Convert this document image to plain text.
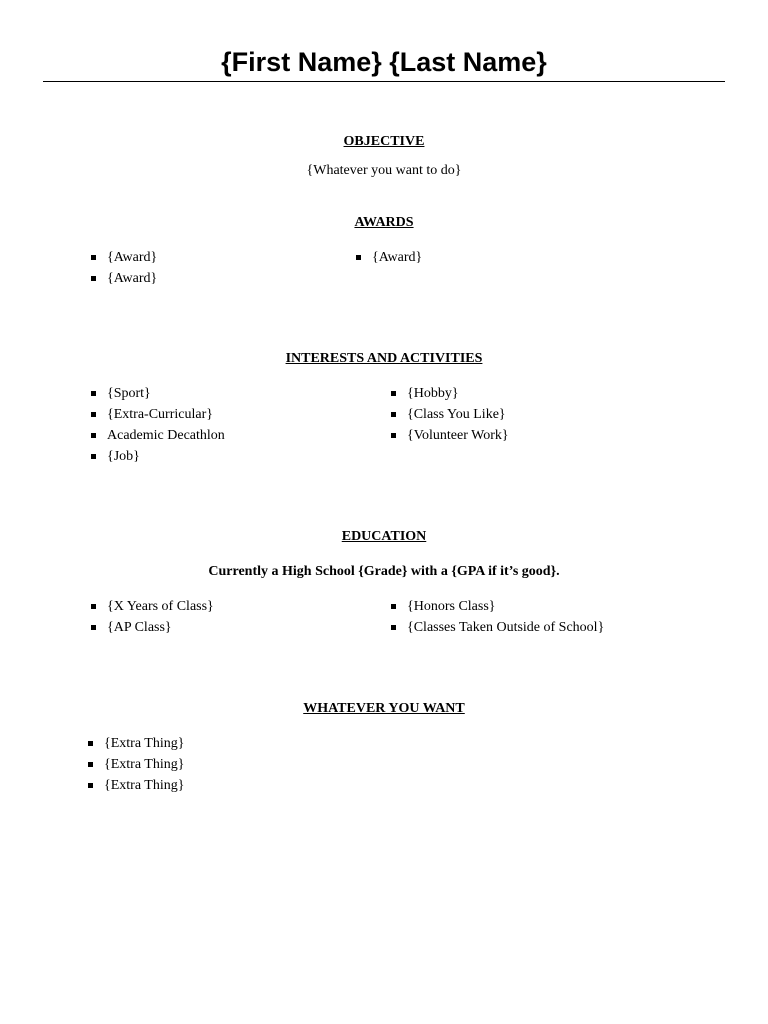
{First Name} {Last Name}
OBJECTIVE

{Whatever you want to do}

AWARDS
{Award}
{Award}
{Award}
INTERESTS AND ACTIVITIES
{Sport}
{Extra-Curricular}
Academic Decathlon
{Job}
{Hobby}
{Class You Like}
{Volunteer Work}
EDUCATION

Currently a High School {Grade} with a {GPA if it’s good}.

{X Years of Class}
{AP Class}
{Honors Class}
{Classes Taken Outside of School}
WHATEVER YOU WANT
{Extra Thing}
{Extra Thing}
{Extra Thing}
